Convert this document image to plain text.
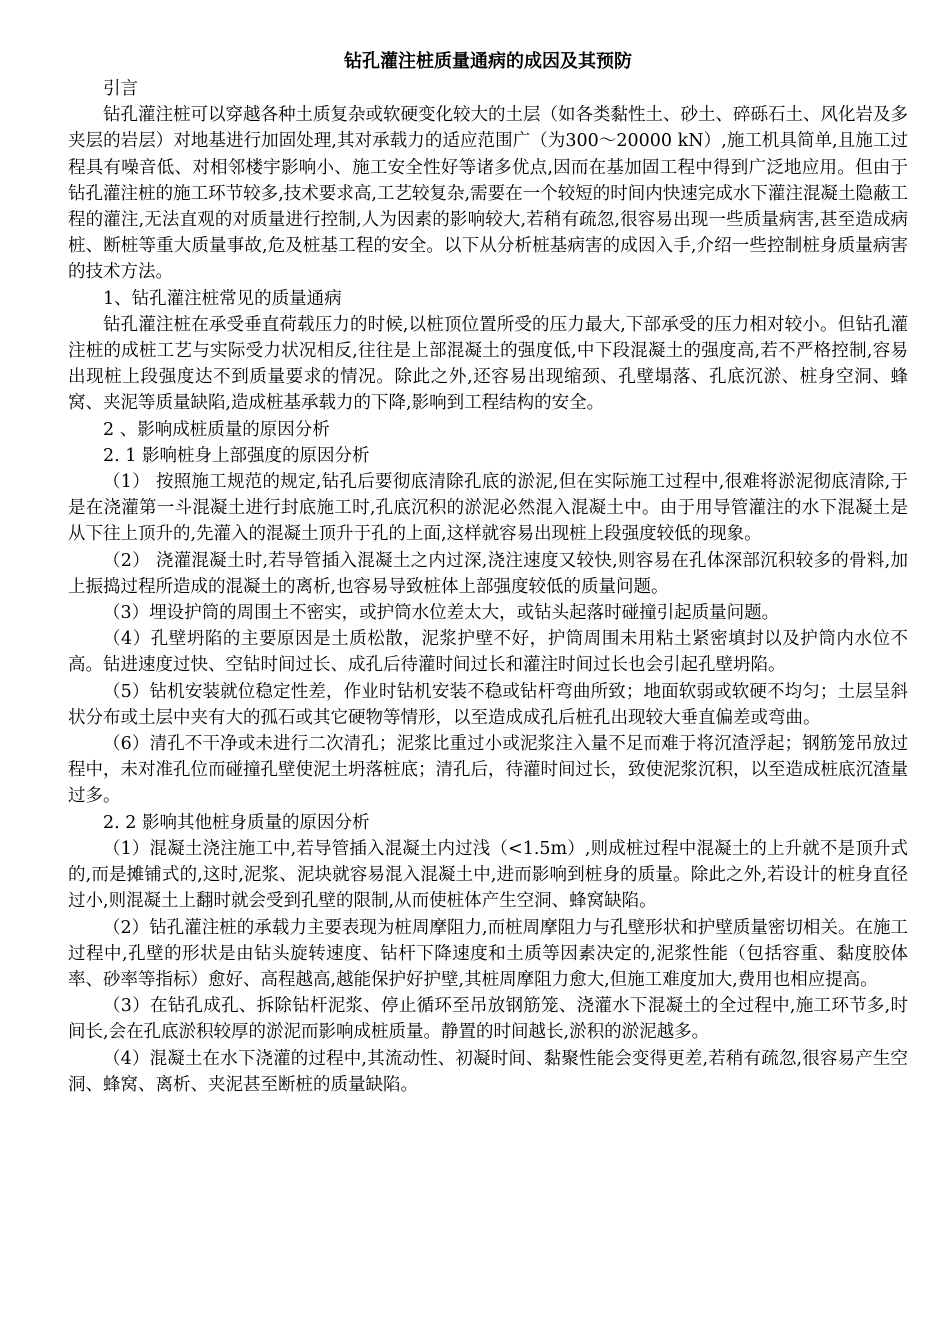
钻孔灌注桩质量通病的成因及其预防

引言

钻孔灌注桩可以穿越各种土质复杂或软硬变化较大的土层（如各类黏性土、砂土、碎砾石土、风化岩及多夹层的岩层）对地基进行加固处理,其对承载力的适应范围广（为300～20000 kN）,施工机具简单,且施工过程具有噪音低、对相邻楼宇影响小、施工安全性好等诸多优点,因而在基加固工程中得到广泛地应用。但由于钻孔灌注桩的施工环节较多,技术要求高,工艺较复杂,需要在一个较短的时间内快速完成水下灌注混凝土隐蔽工程的灌注,无法直观的对质量进行控制,人为因素的影响较大,若稍有疏忽,很容易出现一些质量病害,甚至造成病桩、断桩等重大质量事故,危及桩基工程的安全。以下从分析桩基病害的成因入手,介绍一些控制桩身质量病害的技术方法。

1、钻孔灌注桩常见的质量通病

钻孔灌注桩在承受垂直荷载压力的时候,以桩顶位置所受的压力最大,下部承受的压力相对较小。但钻孔灌注桩的成桩工艺与实际受力状况相反,往往是上部混凝土的强度低,中下段混凝土的强度高,若不严格控制,容易出现桩上段强度达不到质量要求的情况。除此之外,还容易出现缩颈、孔壁塌落、孔底沉淤、桩身空洞、蜂窝、夹泥等质量缺陷,造成桩基承载力的下降,影响到工程结构的安全。

2 、影响成桩质量的原因分析

2. 1 影响桩身上部强度的原因分析

（1） 按照施工规范的规定,钻孔后要彻底清除孔底的淤泥,但在实际施工过程中,很难将淤泥彻底清除,于是在浇灌第一斗混凝土进行封底施工时,孔底沉积的淤泥必然混入混凝土中。由于用导管灌注的水下混凝土是从下往上顶升的,先灌入的混凝土顶升于孔的上面,这样就容易出现桩上段强度较低的现象。

（2） 浇灌混凝土时,若导管插入混凝土之内过深,浇注速度又较快,则容易在孔体深部沉积较多的骨料,加上振捣过程所造成的混凝土的离析,也容易导致桩体上部强度较低的质量问题。

（3）埋设护筒的周围土不密实，或护筒水位差太大，或钻头起落时碰撞引起质量问题。

（4）孔壁坍陷的主要原因是土质松散，泥浆护壁不好，护筒周围未用粘土紧密填封以及护筒内水位不高。钻进速度过快、空钻时间过长、成孔后待灌时间过长和灌注时间过长也会引起孔壁坍陷。

（5）钻机安装就位稳定性差，作业时钻机安装不稳或钻杆弯曲所致；地面软弱或软硬不均匀；土层呈斜状分布或土层中夹有大的孤石或其它硬物等情形，以至造成成孔后桩孔出现较大垂直偏差或弯曲。

（6）清孔不干净或未进行二次清孔；泥浆比重过小或泥浆注入量不足而难于将沉渣浮起；钢筋笼吊放过程中，未对准孔位而碰撞孔壁使泥土坍落桩底；清孔后，待灌时间过长，致使泥浆沉积，以至造成桩底沉渣量过多。

2. 2 影响其他桩身质量的原因分析

（1）混凝土浇注施工中,若导管插入混凝土内过浅（<1.5m）,则成桩过程中混凝土的上升就不是顶升式的,而是摊铺式的,这时,泥浆、泥块就容易混入混凝土中,进而影响到桩身的质量。除此之外,若设计的桩身直径过小,则混凝土上翻时就会受到孔壁的限制,从而使桩体产生空洞、蜂窝缺陷。

（2）钻孔灌注桩的承载力主要表现为桩周摩阻力,而桩周摩阻力与孔壁形状和护壁质量密切相关。在施工过程中,孔壁的形状是由钻头旋转速度、钻杆下降速度和土质等因素决定的,泥浆性能（包括容重、黏度胶体率、砂率等指标）愈好、高程越高,越能保护好护壁,其桩周摩阻力愈大,但施工难度加大,费用也相应提高。

（3）在钻孔成孔、拆除钻杆泥浆、停止循环至吊放钢筋笼、浇灌水下混凝土的全过程中,施工环节多,时间长,会在孔底淤积较厚的淤泥而影响成桩质量。静置的时间越长,淤积的淤泥越多。

（4）混凝土在水下浇灌的过程中,其流动性、初凝时间、黏聚性能会变得更差,若稍有疏忽,很容易产生空洞、蜂窝、离析、夹泥甚至断桩的质量缺陷。
